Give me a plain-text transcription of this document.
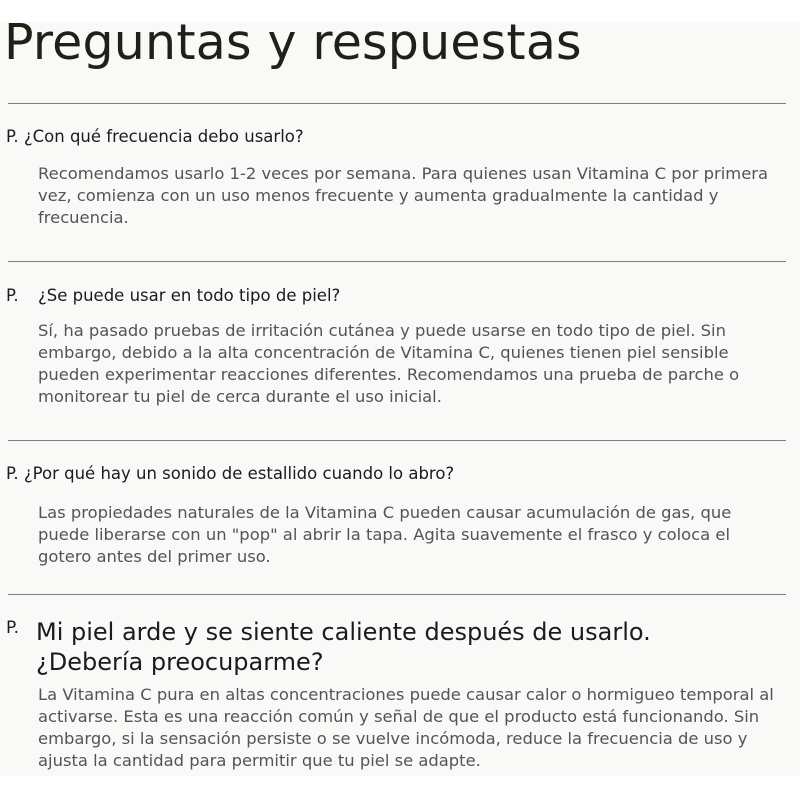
Preguntas y respuestas
P. ¿Con qué frecuencia debo usarlo?

Recomendamos usarlo 1-2 veces por semana. Para quienes usan Vitamina C por primera
vez, comienza con un uso menos frecuente y aumenta gradualmente la cantidad y
frecuencia.

P. ¿Se puede usar en todo tipo de piel?

Sí, ha pasado pruebas de irritación cutánea y puede usarse en todo tipo de piel. Sin
embargo, debido a la alta concentración de Vitamina C, quienes tienen piel sensible
pueden experimentar reacciones diferentes. Recomendamos una prueba de parche o
monitorear tu piel de cerca durante el uso inicial.

P. ¿Por qué hay un sonido de estallido cuando lo abro?

Las propiedades naturales de la Vitamina C pueden causar acumulación de gas, que
puede liberarse con un "pop" al abrir la tapa. Agita suavemente el frasco y coloca el
gotero antes del primer uso.

P. Mi piel arde y se siente caliente después de usarlo.
¿Debería preocuparme?

La Vitamina C pura en altas concentraciones puede causar calor o hormigueo temporal al
activarse. Esta es una reacción común y señal de que el producto está funcionando. Sin
embargo, si la sensación persiste o se vuelve incómoda, reduce la frecuencia de uso y
ajusta la cantidad para permitir que tu piel se adapte.
